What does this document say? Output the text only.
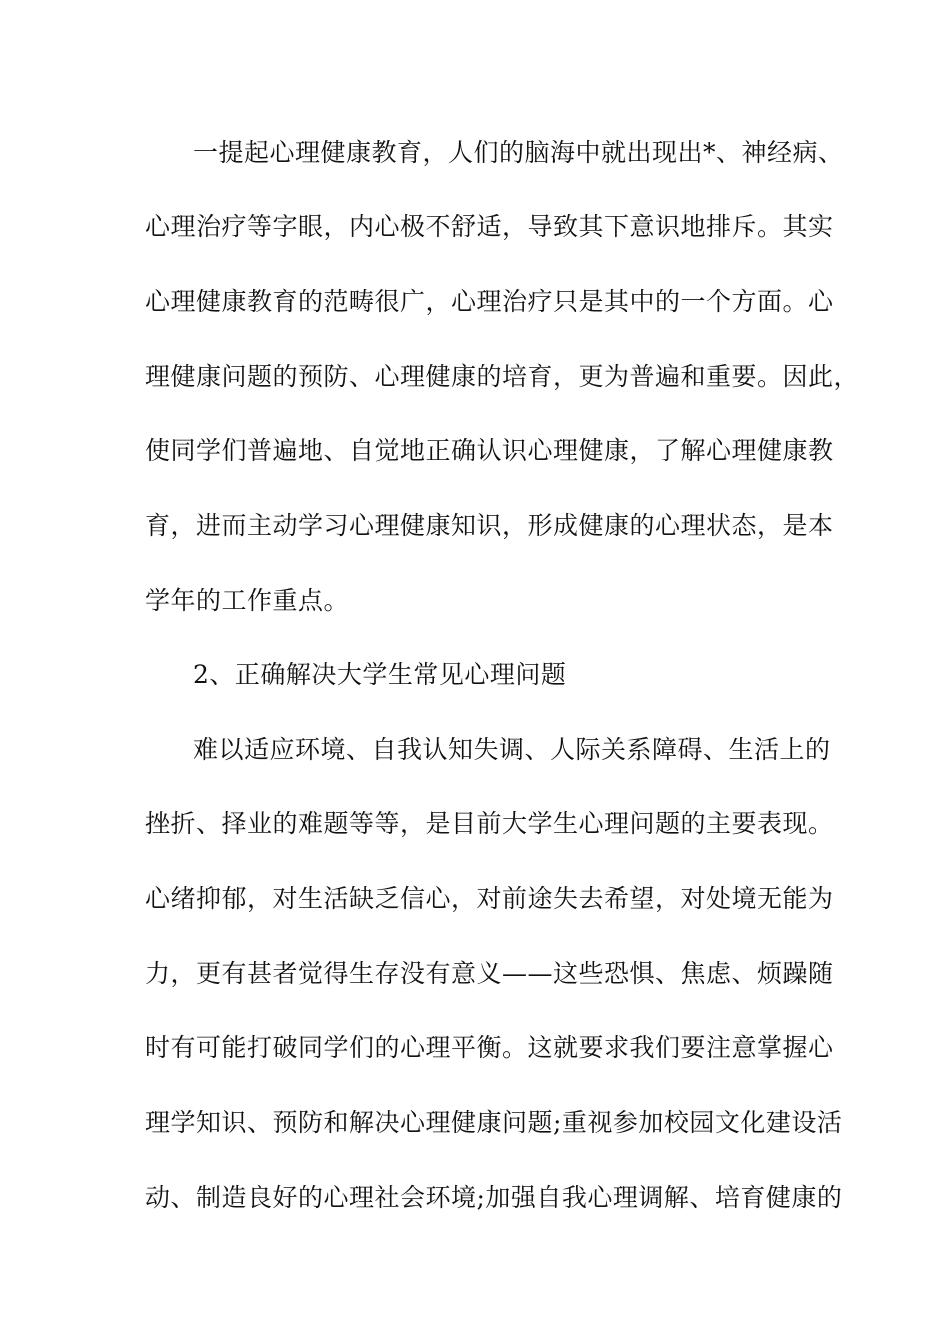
一提起心理健康教育，人们的脑海中就出现出*、神经病、
心理治疗等字眼，内心极不舒适，导致其下意识地排斥。其实
心理健康教育的范畴很广，心理治疗只是其中的一个方面。心
理健康问题的预防、心理健康的培育，更为普遍和重要。因此，
使同学们普遍地、自觉地正确认识心理健康，了解心理健康教
育，进而主动学习心理健康知识，形成健康的心理状态，是本
学年的工作重点。
2、正确解决大学生常见心理问题
难以适应环境、自我认知失调、人际关系障碍、生活上的
挫折、择业的难题等等，是目前大学生心理问题的主要表现。
心绪抑郁，对生活缺乏信心，对前途失去希望，对处境无能为
力，更有甚者觉得生存没有意义——这些恐惧、焦虑、烦躁随
时有可能打破同学们的心理平衡。这就要求我们要注意掌握心
理学知识、预防和解决心理健康问题;重视参加校园文化建设活
动、制造良好的心理社会环境;加强自我心理调解、培育健康的
